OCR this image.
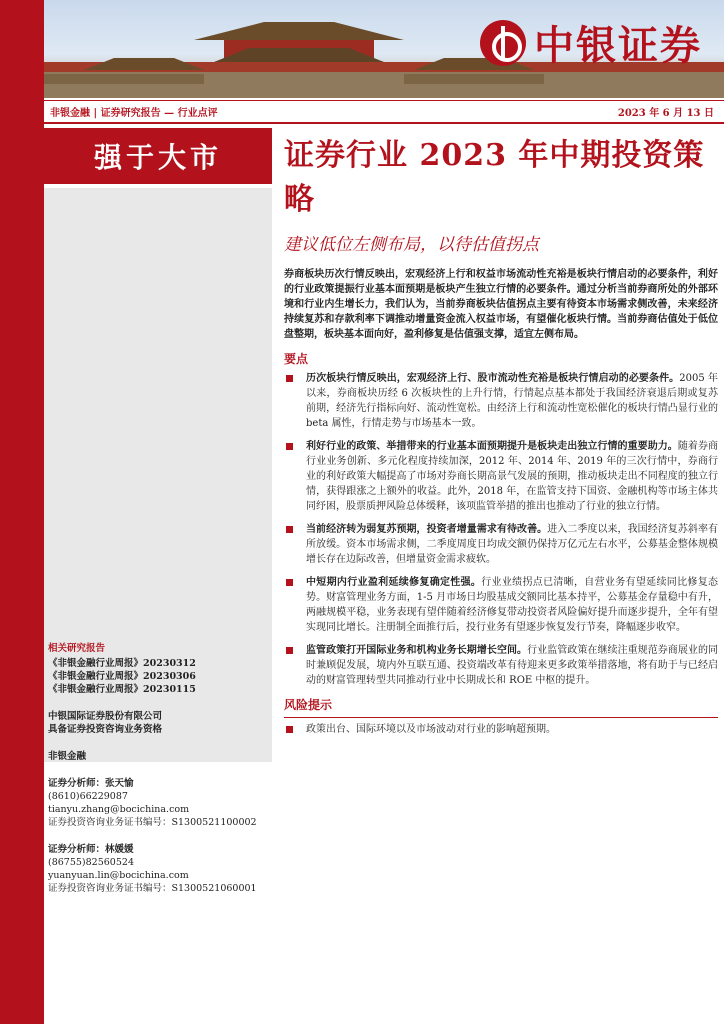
中银证券
非银金融 | 证券研究报告 — 行业点评	2023 年 6 月 13 日
强于大市
相关研究报告
《非银金融行业周报》20230312
《非银金融行业周报》20230306
《非银金融行业周报》20230115
中银国际证券股份有限公司
具备证券投资咨询业务资格
非银金融
证券分析师：张天愉
(8610)66229087
tianyu.zhang@bocichina.com
证券投资咨询业务证书编号：S1300521100002
证券分析师：林媛媛
(86755)82560524
yuanyuan.lin@bocichina.com
证券投资咨询业务证书编号：S1300521060001
证券行业 2023 年中期投资策略
建议低位左侧布局，以待估值拐点
券商板块历次行情反映出，宏观经济上行和权益市场流动性充裕是板块行情启动的必要条件，利好的行业政策提振行业基本面预期是板块产生独立行情的必要条件。通过分析当前券商所处的外部环境和行业内生增长力，我们认为，当前券商板块估值拐点主要有待资本市场需求侧改善，未来经济持续复苏和存款利率下调推动增量资金流入权益市场，有望催化板块行情。当前券商估值处于低位盘整期，板块基本面向好，盈利修复是估值强支撑，适宜左侧布局。
要点
历次板块行情反映出，宏观经济上行、股市流动性充裕是板块行情启动的必要条件。2005 年以来，券商板块历经 6 次板块性的上升行情，行情起点基本都处于我国经济衰退后期或复苏前期，经济先行指标向好、流动性宽松。由经济上行和流动性宽松催化的板块行情凸显行业的 beta 属性，行情走势与市场基本一致。
利好行业的政策、举措带来的行业基本面预期提升是板块走出独立行情的重要助力。随着券商行业业务创新、多元化程度持续加深，2012 年、2014 年、2019 年的三次行情中，券商行业的利好政策大幅提高了市场对券商长期高景气发展的预期，推动板块走出不同程度的独立行情，获得跟涨之上额外的收益。此外，2018 年，在监管支持下国资、金融机构等市场主体共同纾困，股票质押风险总体缓释，该项监管举措的推出也推动了行业的独立行情。
当前经济转为弱复苏预期，投资者增量需求有待改善。进入二季度以来，我国经济复苏斜率有所放缓。资本市场需求侧，二季度周度日均成交额仍保持万亿元左右水平，公募基金整体规模增长存在边际改善，但增量资金需求疲软。
中短期内行业盈利延续修复确定性强。行业业绩拐点已清晰，自营业务有望延续同比修复态势。财富管理业务方面，1-5 月市场日均股基成交额同比基本持平，公募基金存量稳中有升，两融规模平稳，业务表现有望伴随着经济修复带动投资者风险偏好提升而逐步提升，全年有望实现同比增长。注册制全面推行后，投行业务有望逐步恢复发行节奏，降幅逐步收窄。
监管政策打开国际业务和机构业务长期增长空间。行业监管政策在继续注重规范券商展业的同时兼顾促发展，境内外互联互通、投资端改革有待迎来更多政策举措落地，将有助于与已经启动的财富管理转型共同推动行业中长期成长和 ROE 中枢的提升。
风险提示
政策出台、国际环境以及市场波动对行业的影响超预期。
